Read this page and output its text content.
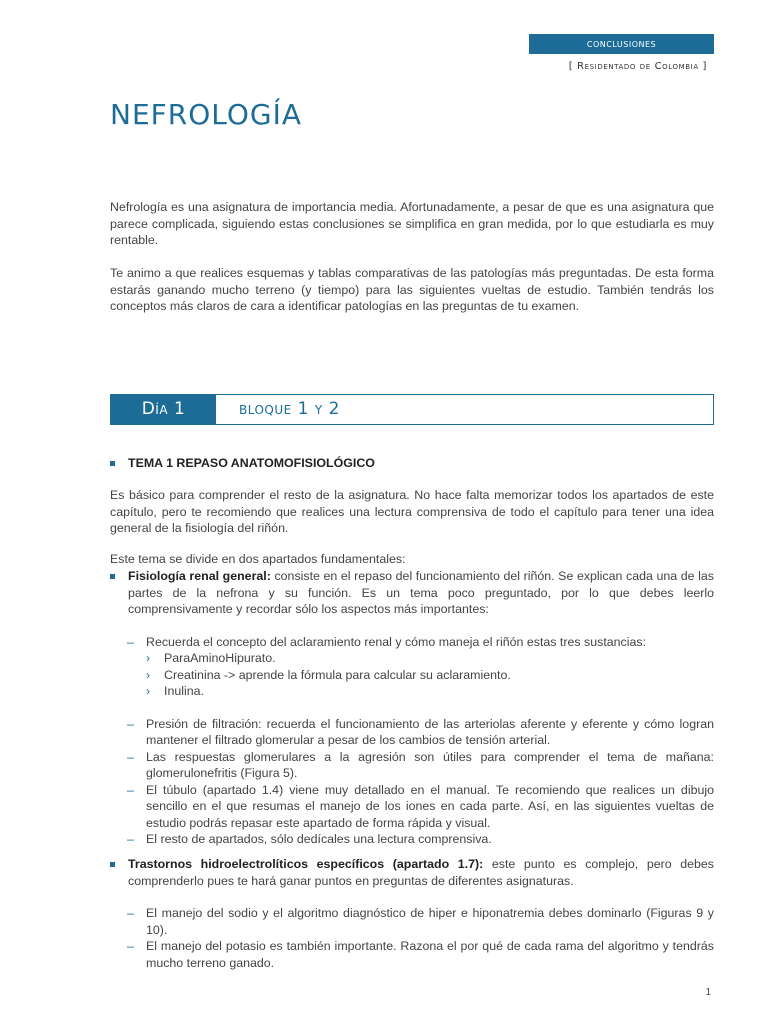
conclusiones
[ Residentado de Colombia ]
nefrología

Nefrología es una asignatura de importancia media. Afortunadamente, a pesar de que es una asignatura que parece complicada, siguiendo estas conclusiones se simplifica en gran medida, por lo que estudiarla es muy rentable.

Te animo a que realices esquemas y tablas comparativas de las patologías más preguntadas. De esta forma estarás ganando mucho terreno (y tiempo) para las siguientes vueltas de estudio. También tendrás los conceptos más claros de cara a identificar patologías en las preguntas de tu examen.

Día 1	bloque 1 y 2
TEMA 1 REPASO ANATOMOFISIOLÓGICO
Es básico para comprender el resto de la asignatura. No hace falta memorizar todos los apartados de este capítulo, pero te recomiendo que realices una lectura comprensiva de todo el capítulo para tener una idea general de la fisiología del riñón.
Este tema se divide en dos apartados fundamentales:
Fisiología renal general: consiste en el repaso del funcionamiento del riñón. Se explican cada una de las partes de la nefrona y su función. Es un tema poco preguntado, por lo que debes leerlo comprensivamente y recordar sólo los aspectos más importantes:
– Recuerda el concepto del aclaramiento renal y cómo maneja el riñón estas tres sustancias:
› ParaAminoHipurato.
› Creatinina -> aprende la fórmula para calcular su aclaramiento.
› Inulina.
– Presión de filtración: recuerda el funcionamiento de las arteriolas aferente y eferente y cómo logran mantener el filtrado glomerular a pesar de los cambios de tensión arterial.
– Las respuestas glomerulares a la agresión son útiles para comprender el tema de mañana: glomerulonefritis (Figura 5).
– El túbulo (apartado 1.4) viene muy detallado en el manual. Te recomiendo que realices un dibujo sencillo en el que resumas el manejo de los iones en cada parte. Así, en las siguientes vueltas de estudio podrás repasar este apartado de forma rápida y visual.
– El resto de apartados, sólo dedícales una lectura comprensiva.
Trastornos hidroelectrolíticos específicos (apartado 1.7): este punto es complejo, pero debes comprenderlo pues te hará ganar puntos en preguntas de diferentes asignaturas.
– El manejo del sodio y el algoritmo diagnóstico de hiper e hiponatremia debes dominarlo (Figuras 9 y 10).
– El manejo del potasio es también importante. Razona el por qué de cada rama del algoritmo y tendrás mucho terreno ganado.
1
